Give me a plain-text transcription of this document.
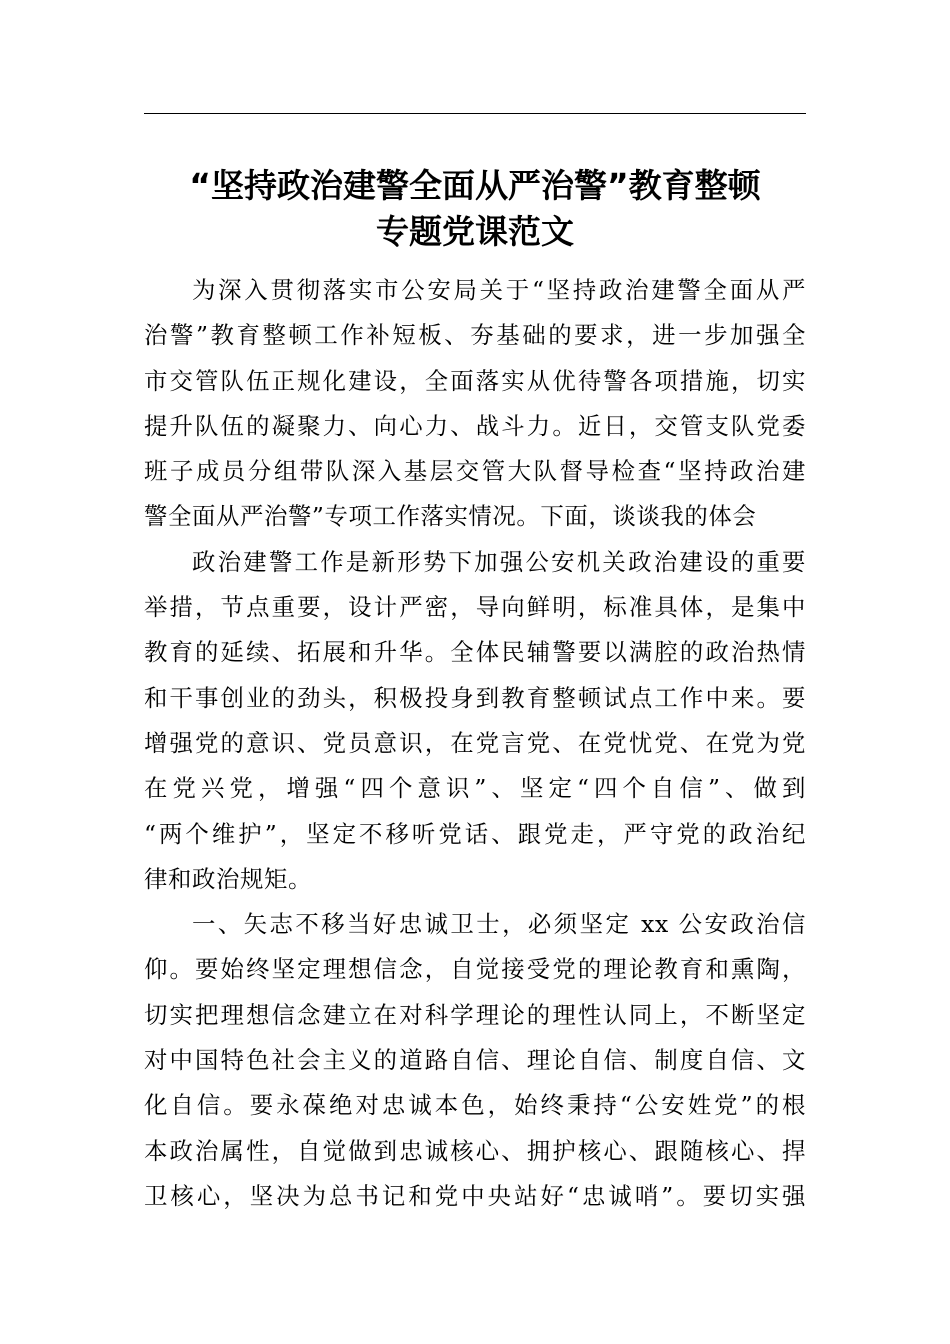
“坚持政治建警全面从严治警”教育整顿
专题党课范文
为深入贯彻落实市公安局关于“坚持政治建警全面从严
治警”教育整顿工作补短板、夯基础的要求，进一步加强全
市交管队伍正规化建设，全面落实从优待警各项措施，切实
提升队伍的凝聚力、向心力、战斗力。近日，交管支队党委
班子成员分组带队深入基层交管大队督导检查“坚持政治建
警全面从严治警”专项工作落实情况。下面，谈谈我的体会
政治建警工作是新形势下加强公安机关政治建设的重要
举措，节点重要，设计严密，导向鲜明，标准具体，是集中
教育的延续、拓展和升华。全体民辅警要以满腔的政治热情
和干事创业的劲头，积极投身到教育整顿试点工作中来。要
增强党的意识、党员意识，在党言党、在党忧党、在党为党
在党兴党，增强“四个意识”、坚定“四个自信”、做到
“两个维护”，坚定不移听党话、跟党走，严守党的政治纪
律和政治规矩。
一、矢志不移当好忠诚卫士，必须坚定 xx 公安政治信
仰。要始终坚定理想信念，自觉接受党的理论教育和熏陶，
切实把理想信念建立在对科学理论的理性认同上，不断坚定
对中国特色社会主义的道路自信、理论自信、制度自信、文
化自信。要永葆绝对忠诚本色，始终秉持“公安姓党”的根
本政治属性，自觉做到忠诚核心、拥护核心、跟随核心、捍
卫核心，坚决为总书记和党中央站好“忠诚哨”。要切实强
